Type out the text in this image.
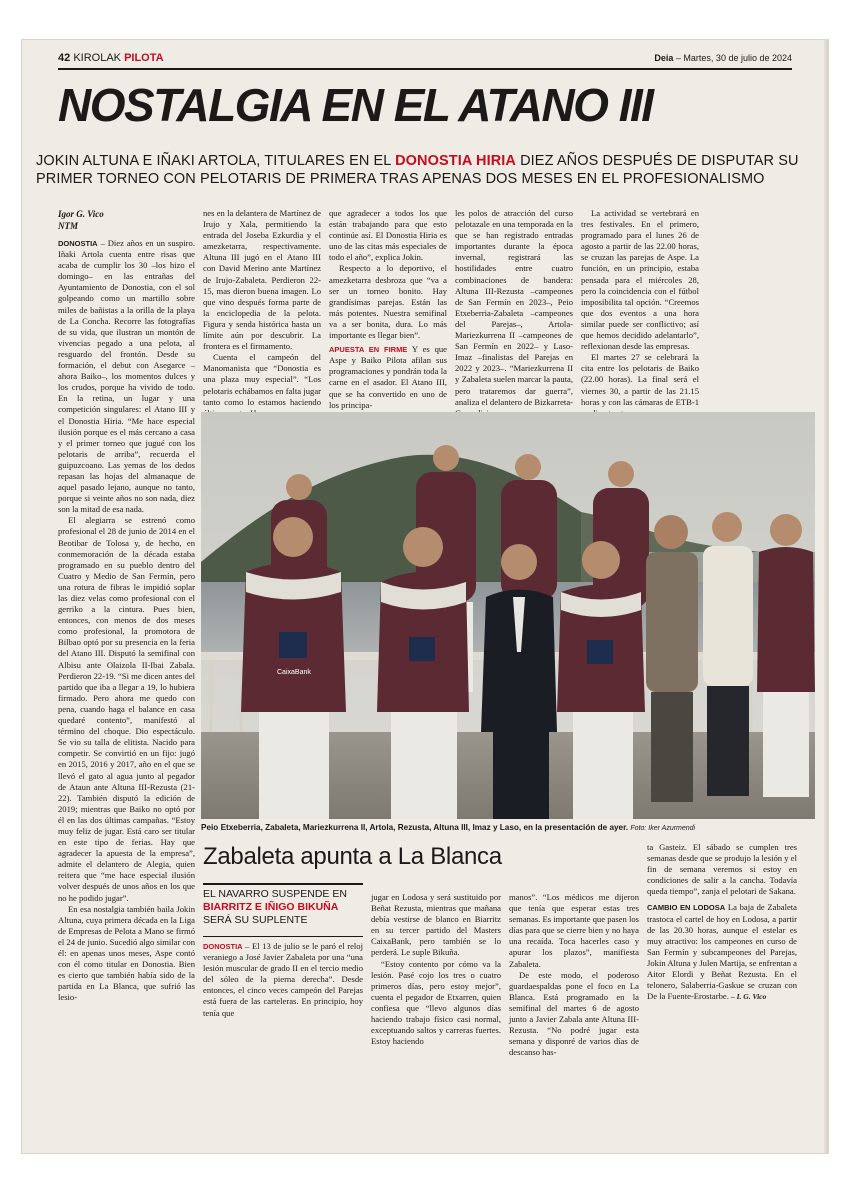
42 KIROLAK PILOTA	Deia – Martes, 30 de julio de 2024
NOSTALGIA EN EL ATANO III
JOKIN ALTUNA E IÑAKI ARTOLA, TITULARES EN EL DONOSTIA HIRIA DIEZ AÑOS DESPUÉS DE DISPUTAR SU PRIMER TORNEO CON PELOTARIS DE PRIMERA TRAS APENAS DOS MESES EN EL PROFESIONALISMO
Igor G. Vico
NTM

DONOSTIA – Diez años en un suspiro. Iñaki Artola cuenta entre risas que acaba de cumplir los 30 –los hizo el domingo– en las entrañas del Ayuntamiento de Donostia, con el sol golpeando como un martillo sobre miles de bañistas a la orilla de la playa de La Concha. Recorre las fotografías de su vida, que ilustran un montón de vivencias pegado a una pelota, al resguardo del frontón. Desde su formación, el debut con Asegarce –ahora Baiko–, los momentos dulces y los crudos, porque ha vivido de todo. En la retina, un lugar y una competición singulares: el Atano III y el Donostia Hiria. “Me hace especial ilusión porque es el más cercano a casa y el primer torneo que jugué con los pelotaris de arriba”, recuerda el guipuzcoano. Las yemas de los dedos repasan las hojas del almanaque de aquel pasado lejano, aunque no tanto, porque si veinte años no son nada, diez son la mitad de esa nada.

El alegiarra se estrenó como profesional el 28 de junio de 2014 en el Beotibar de Tolosa y, de hecho, en conmemoración de la década estaba programado en su pueblo dentro del Cuatro y Medio de San Fermín, pero una rotura de fibras le impidió soplar las diez velas como profesional con el gerriko a la cintura. Pues bien, entonces, con menos de dos meses como profesional, la promotora de Bilbao optó por su presencia en la feria del Atano III. Disputó la semifinal con Albisu ante Olaizola II-Ibai Zabala. Perdieron 22-19. “Si me dicen antes del partido que iba a llegar a 19, lo hubiera firmado. Pero ahora me quedo con pena, cuando haga el balance en casa quedaré contento”, manifestó al término del choque. Dio espectáculo. Se vio su talla de elitista. Nacido para competir. Se convirtió en un fijo: jugó en 2015, 2016 y 2017, año en el que se llevó el gato al agua junto al pegador de Ataun ante Altuna III-Rezusta (21-22). También disputó la edición de 2019; mientras que Baiko no optó por él en las dos últimas campañas. “Estoy muy feliz de jugar. Está caro ser titular en este tipo de ferias. Hay que agradecer la apuesta de la empresa”, admite el delantero de Alegia, quien reitera que “me hace especial ilusión volver después de unos años en los que no he podido jugar”.

En esa nostalgia también baila Jokin Altuna, cuya primera década en la Liga de Empresas de Pelota a Mano se firmó el 24 de junio. Sucedió algo similar con él: en apenas unos meses, Aspe contó con él como titular en Donostia. Bien es cierto que también había sido de la partida en La Blanca, que sufrió las lesio-

nes en la delantera de Martínez de Irujo y Xala, permitiendo la entrada del Joseba Ezkurdia y el amezketarra, respectivamente. Altuna III jugó en el Atano III con David Merino ante Martínez de Irujo-Zabaleta. Perdieron 22-15, mas dieron buena imagen. Lo que vino después forma parte de la enciclopedia de la pelota. Figura y senda histórica hasta un límite aún por descubrir. La frontera es el firmamento.

Cuenta el campeón del Manomanista que “Donostia es una plaza muy especial”. “Los pelotaris echábamos en falta jugar tanto como lo estamos haciendo

que agradecer a todos los que están trabajando para que esto continúe así. El Donostia Hiria es uno de las citas más especiales de todo el año”, explica Jokin.

Respecto a lo deportivo, el amezketarra desbroza que “va a ser un torneo bonito. Hay grandísimas parejas. Están las más potentes. Nuestra semifinal va a ser bonita, dura. Lo más importante es llegar bien”.

APUESTA EN FIRME Y es que Aspe y Baiko Pilota afilan sus programaciones y pondrán toda la carne en el asador. El Atano III, que se ha convertido en uno de los principa-

les polos de atracción del curso pelotazale en una temporada en la que se han registrado entradas importantes durante la época invernal, registrará las hostilidades entre cuatro combinaciones de bandera: Altuna III-Rezusta –campeones de San Fermín en 2023–, Peio Etxeberria-Zabaleta –campeones del Parejas–, Artola-Mariezkurrena II –campeones de San Fermín en 2022– y Laso-Imaz –finalistas del Parejas en 2022 y 2023–. “Mariezkurrena II y Zabaleta suelen marcar la pauta, pero trataremos dar guerra”, analiza el delantero de Bizkarreta-

La actividad se vertebrará en tres festivales. En el primero, programado para el lunes 26 de agosto a partir de las 22.00 horas, se cruzan las parejas de Aspe. La función, en un principio, estaba pensada para el miércoles 28, pero la coincidencia con el fútbol imposibilita tal opción. “Creemos que dos eventos a una hora similar puede ser conflictivo; así que hemos decidido adelantarlo”, reflexionan desde las empresas.

El martes 27 se celebrará la cita entre los pelotaris de Baiko (22.00 horas). La final será el viernes 30, a partir de las 21.15 horas y con las cámaras de ETB-1

CaixaBank
Peio Etxeberria, Zabaleta, Mariezkurrena II, Artola, Rezusta, Altuna III, Imaz y Laso, en la presentación de ayer. Foto: Iker Azurmendi
Zabaleta apunta a La Blanca
EL NAVARRO SUSPENDE EN BIARRITZ E IÑIGO BIKUÑA SERÁ SU SUPLENTE

DONOSTIA – El 13 de julio se le paró el reloj veraniego a José Javier Zabaleta por una “una lesión muscular de grado II en el tercio medio del sóleo de la pierna derecha”. Desde entonces, el cinco veces campeón del Parejas está fuera de las carteleras. En principio, hoy tenía que

jugar en Lodosa y será sustituido por Beñat Rezusta, mientras que mañana debía vestirse de blanco en Biarritz en su tercer partido del Masters CaixaBank, pero también se lo perderá. Le suple Bikuña.

“Estoy contento por cómo va la lesión. Pasé cojo los tres o cuatro primeros días, pero estoy mejor”, cuenta el pegador de Etxarren, quien confiesa que “llevo algunos días haciendo trabajo físico casi normal, exceptuando saltos y carreras fuertes. Estoy haciendo

manos”. “Los médicos me dijeron que tenía que esperar estas tres semanas. Es importante que pasen los días para que se cierre bien y no haya una recaída. Toca hacerles caso y apurar los plazos”, manifiesta Zabaleta.

De este modo, el poderoso guardaespaldas pone el foco en La Blanca. Está programado en la semifinal del martes 6 de agosto junto a Javier Zabala ante Altuna III-Rezusta. “No podré jugar esta semana y disponré de varios días de descanso has-

ta Gasteiz. El sábado se cumplen tres semanas desde que se produjo la lesión y el fin de semana veremos si estoy en condiciones de salir a la cancha. Todavía queda tiempo”, zanja el pelotari de Sakana.

CAMBIO EN LODOSA La baja de Zabaleta trastoca el cartel de hoy en Lodosa, a partir de las 20.30 horas, aunque el estelar es muy atractivo: los campeones en curso de San Fermín y subcampeones del Parejas, Jokin Altuna y Julen Martija, se enfrentan a Aitor Elordi y Beñat Rezusta. En el telonero, Salaberria-Gaskue se cruzan con De la Fuente-Erostarbe. – I. G. Vico
